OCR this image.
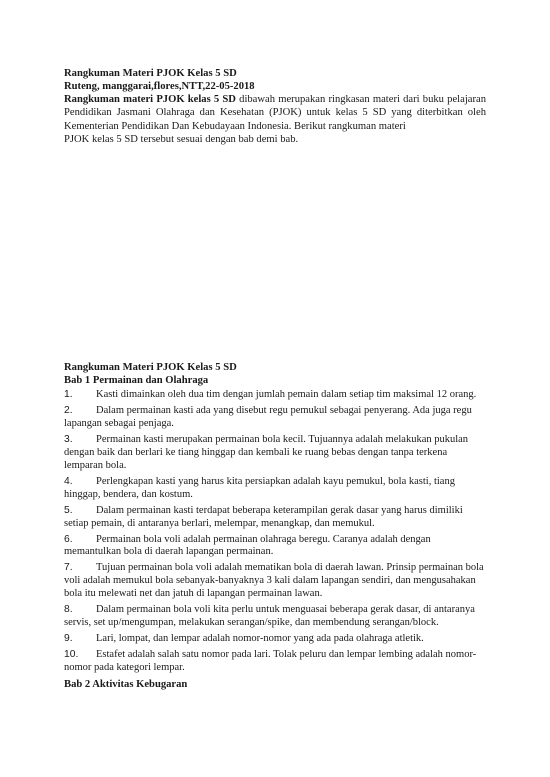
Rangkuman Materi PJOK Kelas 5 SD

Ruteng, manggarai,flores,NTT,22-05-2018

Rangkuman materi PJOK kelas 5 SD dibawah merupakan ringkasan materi dari buku pelajaran Pendidikan Jasmani Olahraga dan Kesehatan (PJOK) untuk kelas 5 SD yang diterbitkan oleh Kementerian Pendidikan Dan Kebudayaan Indonesia. Berikut rangkuman materi

PJOK kelas 5 SD tersebut sesuai dengan bab demi bab.

Rangkuman Materi PJOK Kelas 5 SD

Bab 1 Permainan dan Olahraga

1. Kasti dimainkan oleh dua tim dengan jumlah pemain dalam setiap tim maksimal 12 orang.
2. Dalam permainan kasti ada yang disebut regu pemukul sebagai penyerang. Ada juga regu lapangan sebagai penjaga.
3. Permainan kasti merupakan permainan bola kecil. Tujuannya adalah melakukan pukulan dengan baik dan berlari ke tiang hinggap dan kembali ke ruang bebas dengan tanpa terkena lemparan bola.
4. Perlengkapan kasti yang harus kita persiapkan adalah kayu pemukul, bola kasti, tiang hinggap, bendera, dan kostum.
5. Dalam permainan kasti terdapat beberapa keterampilan gerak dasar yang harus dimiliki setiap pemain, di antaranya berlari, melempar, menangkap, dan memukul.
6. Permainan bola voli adalah permainan olahraga beregu. Caranya adalah dengan memantulkan bola di daerah lapangan permainan.
7. Tujuan permainan bola voli adalah mematikan bola di daerah lawan. Prinsip permainan bola voli adalah memukul bola sebanyak-banyaknya 3 kali dalam lapangan sendiri, dan mengusahakan bola itu melewati net dan jatuh di lapangan permainan lawan.
8. Dalam permainan bola voli kita perlu untuk menguasai beberapa gerak dasar, di antaranya servis, set up/mengumpan, melakukan serangan/spike, dan membendung serangan/block.
9. Lari, lompat, dan lempar adalah nomor-nomor yang ada pada olahraga atletik.
10. Estafet adalah salah satu nomor pada lari. Tolak peluru dan lempar lembing adalah nomor-nomor pada kategori lempar.

Bab 2 Aktivitas Kebugaran
